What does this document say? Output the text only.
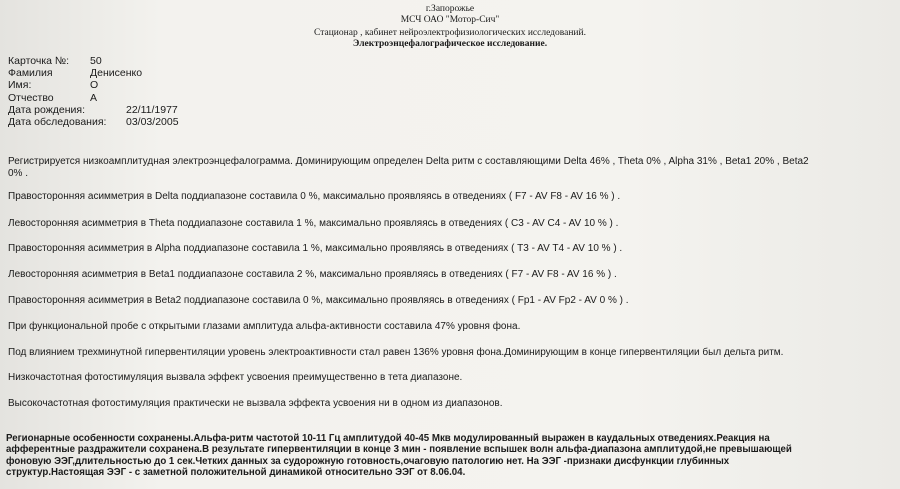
г.Запорожье
МСЧ ОАО "Мотор-Сич"
Стационар , кабинет нейроэлектрофизиологических исследований.
Электроэнцефалографическое исследование.
Карточка №: 50
Фамилия	Денисенко
Имя:	О
Отчество	А
Дата рождения:	22/11/1977
Дата обследования: 03/03/2005
Регистрируется низкоамплитудная электроэнцефалограмма. Доминирующим определен Delta ритм с составляющими Delta 46% , Theta 0% , Alpha 31% , Beta1 20% , Beta2
0% .
Правосторонняя асимметрия в Delta поддиапазоне составила 0 %, максимально проявляясь в отведениях ( F7 - AV F8 - AV 16 % ) .
Левосторонняя асимметрия в Theta поддиапазоне составила 1 %, максимально проявляясь в отведениях ( C3 - AV C4 - AV 10 % ) .
Правосторонняя асимметрия в Alpha поддиапазоне составила 1 %, максимально проявляясь в отведениях ( T3 - AV T4 - AV 10 % ) .
Левосторонняя асимметрия в Beta1 поддиапазоне составила 2 %, максимально проявляясь в отведениях ( F7 - AV F8 - AV 16 % ) .
Правосторонняя асимметрия в Beta2 поддиапазоне составила 0 %, максимально проявляясь в отведениях ( Fp1 - AV Fp2 - AV 0 % ) .
При функциональной пробе с открытыми глазами амплитуда альфа-активности составила 47% уровня фона.
Под влиянием трехминутной гипервентиляции уровень электроактивности стал равен 136% уровня фона.Доминирующим в конце гипервентиляции был дельта ритм.
Низкочастотная фотостимуляция вызвала эффект усвоения преимущественно в тета диапазоне.
Высокочастотная фотостимуляция практически не вызвала эффекта усвоения ни в одном из диапазонов.
Регионарные особенности сохранены.Альфа-ритм частотой 10-11 Гц амплитудой 40-45 Мкв модулированный выражен в каудальных отведениях.Реакция на
афферентные раздражители сохранена.В результате гипервентиляции в конце 3 мин - появление вспышек волн альфа-диапазона амплитудой,не превышающей
фоновую ЭЭГ,длительностью до 1 сек.Четких данных за судорожную готовность,очаговую патологию нет. На ЭЭГ -признаки дисфункции глубинных
структур.Настоящая ЭЭГ - с заметной положительной динамикой относительно ЭЭГ от 8.06.04.
